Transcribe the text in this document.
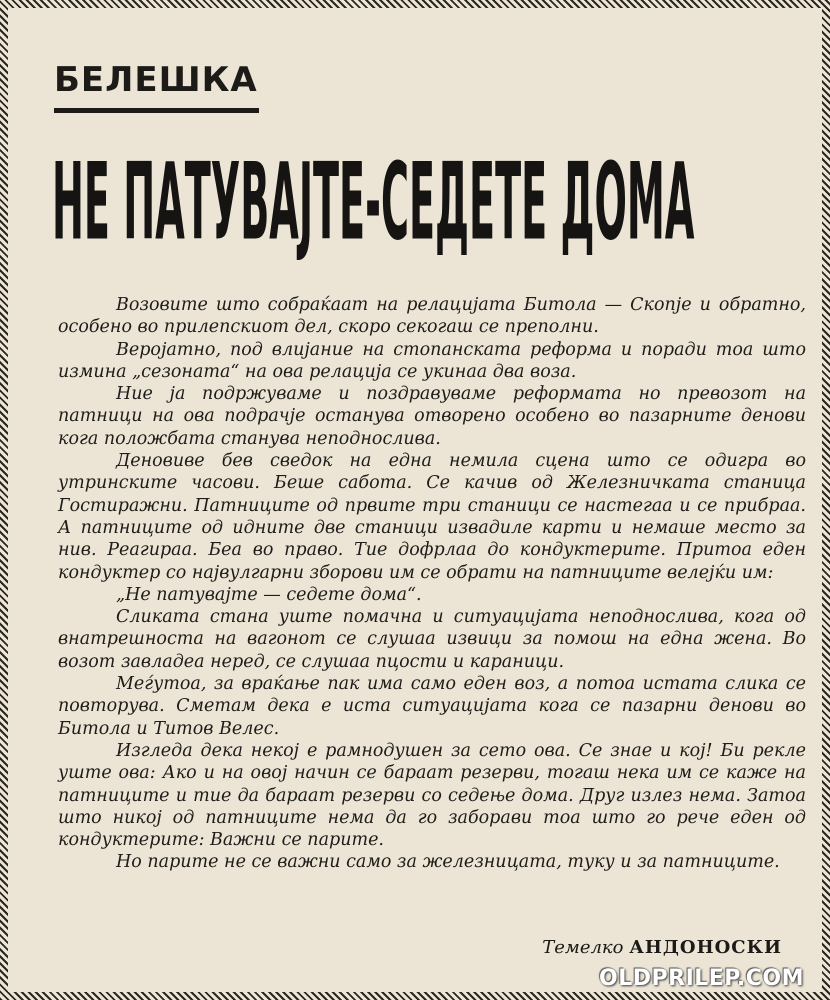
БЕЛЕШКА
НЕ ПАТУВАЈТЕ-СЕДЕТЕ ДОМА

Возовите што собраќаат на релацијата Битола — Скопје и обратно, особено во прилепскиот дел, скоро секогаш се преполни.

Веројатно, под влијание на стопанската реформа и поради тоа што измина „сезоната“ на ова релација се укинаа два воза.

Ние ја подржуваме и поздравуваме реформата но превозот на патници на ова подрачје останува отворено особено во пазарните денови кога положбата станува неподнослива.

Деновиве бев сведок на една немила сцена што се одигра во утринските часови. Беше сабота. Се качив од Железничката станица Гостиражни. Патниците од првите три станици се настегаа и се прибраа. А патниците од идните две станици извадиле карти и немаше место за нив. Реагираа. Беа во право. Тие дофрлаа до кондуктерите. Притоа еден кондуктер со највулгарни зборови им се обрати на патниците велејќи им:

„Не патувајте — седете дома“.

Сликата стана уште помачна и ситуацијата неподнослива, кога од внатрешноста на вагонот се слушаа извици за помош на една жена. Во возот завладеа неред, се слушаа пцости и караници.

Меѓутоа, за враќање пак има само еден воз, а потоа истата слика се повторува. Сметам дека е иста ситуацијата кога се пазарни денови во Битола и Титов Велес.

Изгледа дека некој е рамнодушен за сето ова. Се знае и кој! Би рекле уште ова: Ако и на овој начин се бараат резерви, тогаш нека им се каже на патниците и тие да бараат резерви со седење дома. Друг излез нема. Затоа што никој од патниците нема да го заборави тоа што го рече еден од кондуктерите: Важни се парите.

Но парите не се важни само за железницата, туку и за патниците.

Темелко АНДОНОСКИ
OLDPRILEP.COM
